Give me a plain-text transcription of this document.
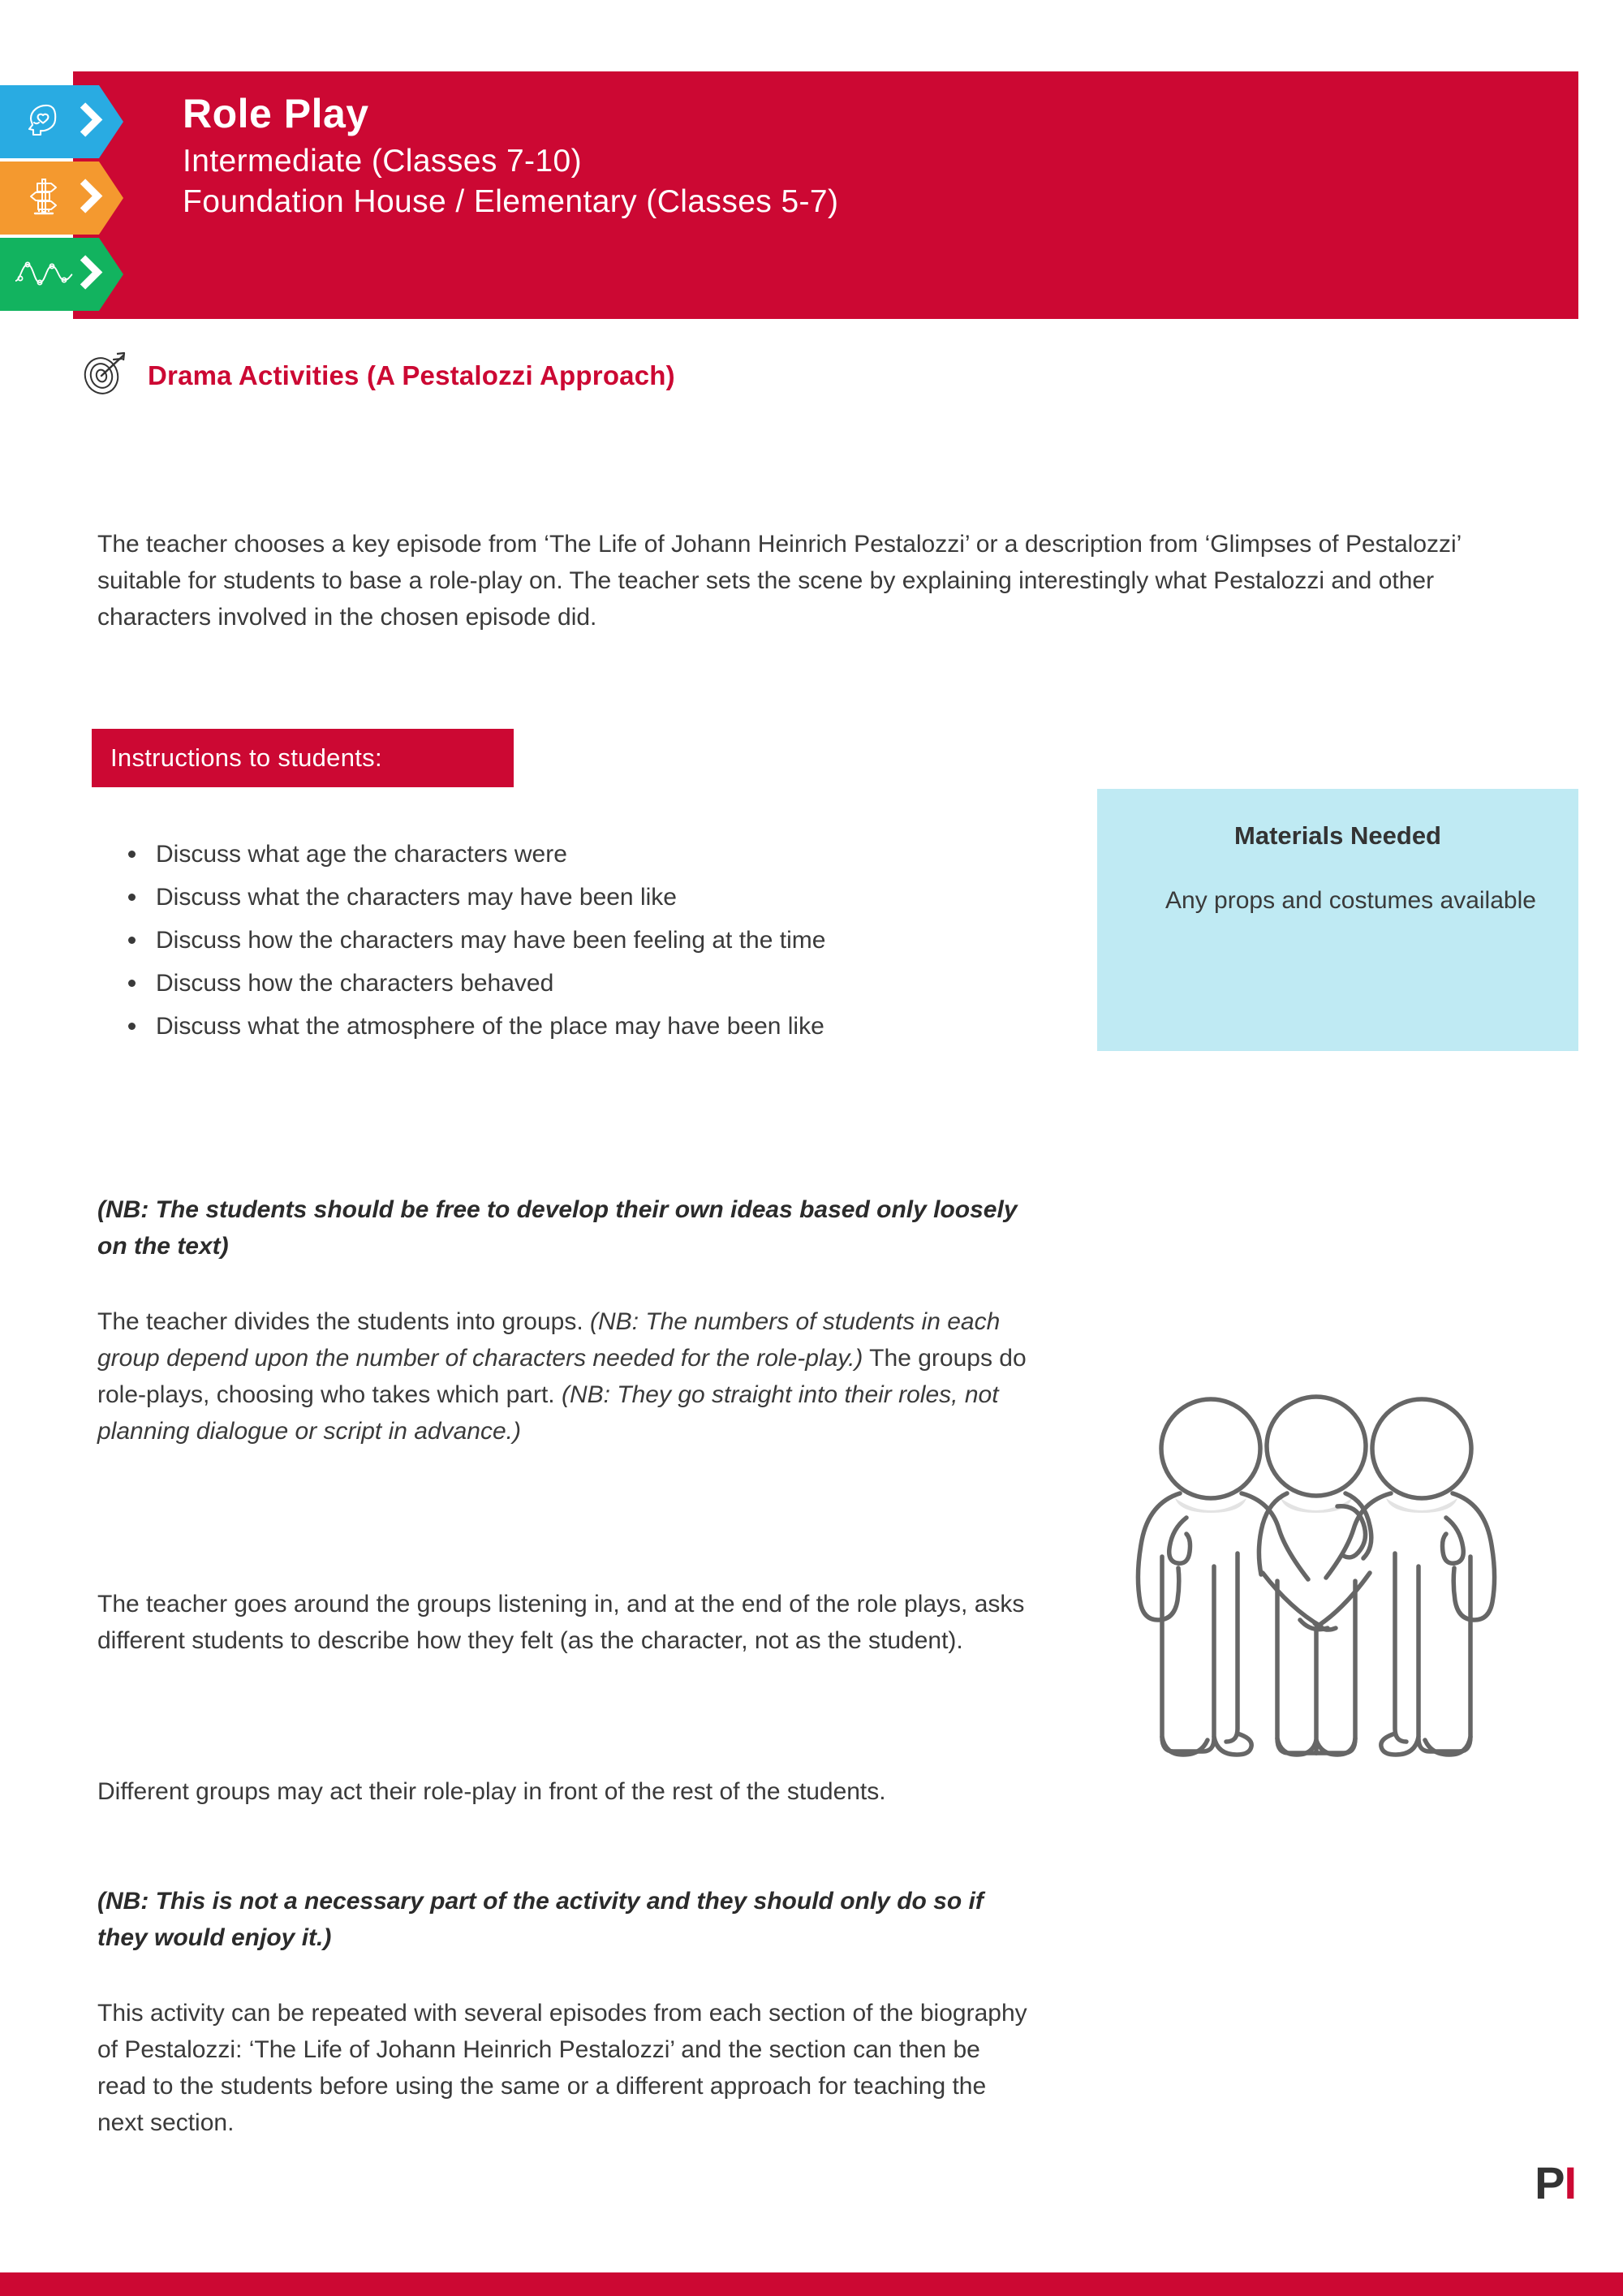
Role Play
Intermediate (Classes 7-10)
Foundation House / Elementary (Classes 5-7)
Drama Activities (A Pestalozzi Approach)

The teacher chooses a key episode from ‘The Life of Johann Heinrich Pestalozzi’ or a description from ‘Glimpses of Pestalozzi’ suitable for students to base a role-play on. The teacher sets the scene by explaining interestingly what Pestalozzi and other characters involved in the chosen episode did.

Instructions to students:
Discuss what age the characters were
Discuss what the characters may have been like
Discuss how the characters may have been feeling at the time
Discuss how the characters behaved
Discuss what the atmosphere of the place may have been like
Materials Needed
Any props and costumes available

(NB: The students should be free to develop their own ideas based only loosely on the text)

The teacher divides the students into groups. (NB: The numbers of students in each group depend upon the number of characters needed for the role-play.) The groups do role-plays, choosing who takes which part. (NB: They go straight into their roles, not planning dialogue or script in advance.)

The teacher goes around the groups listening in, and at the end of the role plays, asks different students to describe how they felt (as the character, not as the student).

Different groups may act their role-play in front of the rest of the students.

(NB: This is not a necessary part of the activity and they should only do so if they would enjoy it.)

This activity can be repeated with several episodes from each section of the biography of Pestalozzi: ‘The Life of Johann Heinrich Pestalozzi’ and the section can then be read to the students before using the same or a different approach for teaching the next section.

PI
